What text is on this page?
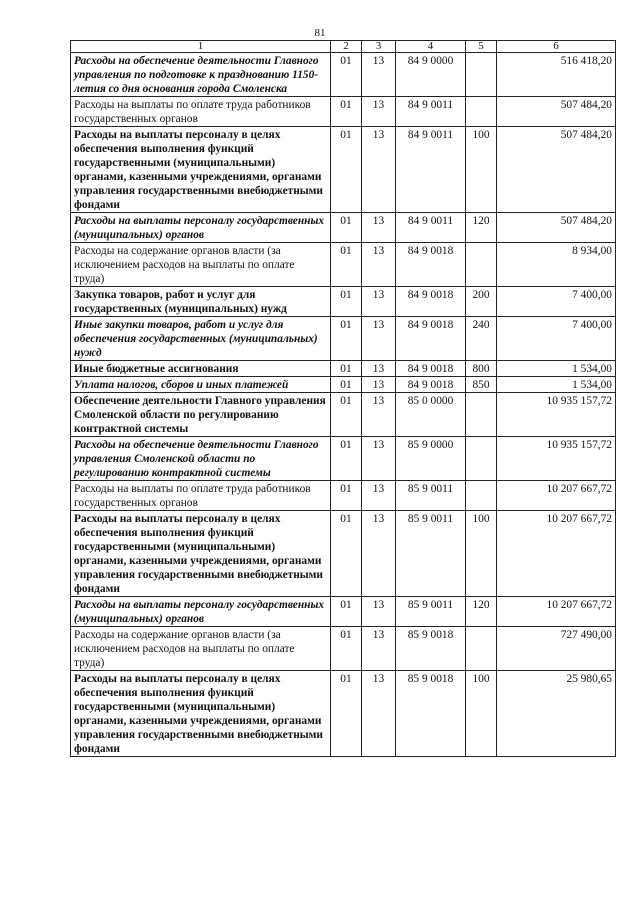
81
1	2	3	4	5	6
Расходы на обеспечение деятельности Главного управления по подготовке к празднованию 1150-летия со дня основания города Смоленска	01	13	84 9 0000		516 418,20
Расходы на выплаты по оплате труда работников государственных органов	01	13	84 9 0011		507 484,20
Расходы на выплаты персоналу в целях обеспечения выполнения функций государственными (муниципальными) органами, казенными учреждениями, органами управления государственными внебюджетными фондами	01	13	84 9 0011	100	507 484,20
Расходы на выплаты персоналу государственных (муниципальных) органов	01	13	84 9 0011	120	507 484,20
Расходы на содержание органов власти (за исключением расходов на выплаты по оплате труда)	01	13	84 9 0018		8 934,00
Закупка товаров, работ и услуг для государственных (муниципальных) нужд	01	13	84 9 0018	200	7 400,00
Иные закупки товаров, работ и услуг для обеспечения государственных (муниципальных) нужд	01	13	84 9 0018	240	7 400,00
Иные бюджетные ассигнования	01	13	84 9 0018	800	1 534,00
Уплата налогов, сборов и иных платежей	01	13	84 9 0018	850	1 534,00
Обеспечение деятельности Главного управления Смоленской области по регулированию контрактной системы	01	13	85 0 0000		10 935 157,72
Расходы на обеспечение деятельности Главного управления Смоленской области по регулированию контрактной системы	01	13	85 9 0000		10 935 157,72
Расходы на выплаты по оплате труда работников государственных органов	01	13	85 9 0011		10 207 667,72
Расходы на выплаты персоналу в целях обеспечения выполнения функций государственными (муниципальными) органами, казенными учреждениями, органами управления государственными внебюджетными фондами	01	13	85 9 0011	100	10 207 667,72
Расходы на выплаты персоналу государственных (муниципальных) органов	01	13	85 9 0011	120	10 207 667,72
Расходы на содержание органов власти (за исключением расходов на выплаты по оплате труда)	01	13	85 9 0018		727 490,00
Расходы на выплаты персоналу в целях обеспечения выполнения функций государственными (муниципальными) органами, казенными учреждениями, органами управления государственными внебюджетными фондами	01	13	85 9 0018	100	25 980,65
